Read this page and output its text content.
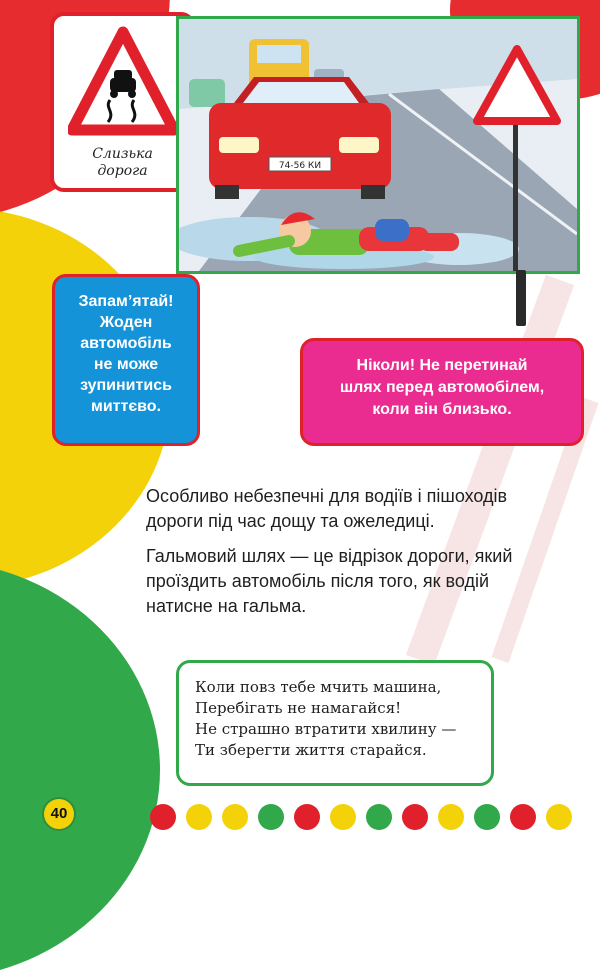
Слизька
дорога	74-56 КИ
Запам’ятай!
Жоден
автомобіль
не може
зупинитись
миттєво.
Ніколи! Не перетинай
шлях перед автомобілем,
коли він близько.
Особливо небезпечні для водіїв і пішоходів
дороги під час дощу та ожеледиці.
Гальмовий шлях — це відрізок дороги, який
проїздить автомобіль після того, як водій
натисне на гальма.
Коли повз тебе мчить машина,
Перебігать не намагайся!
Не страшно втратити хвилину —
Ти зберегти життя старайся.
40
